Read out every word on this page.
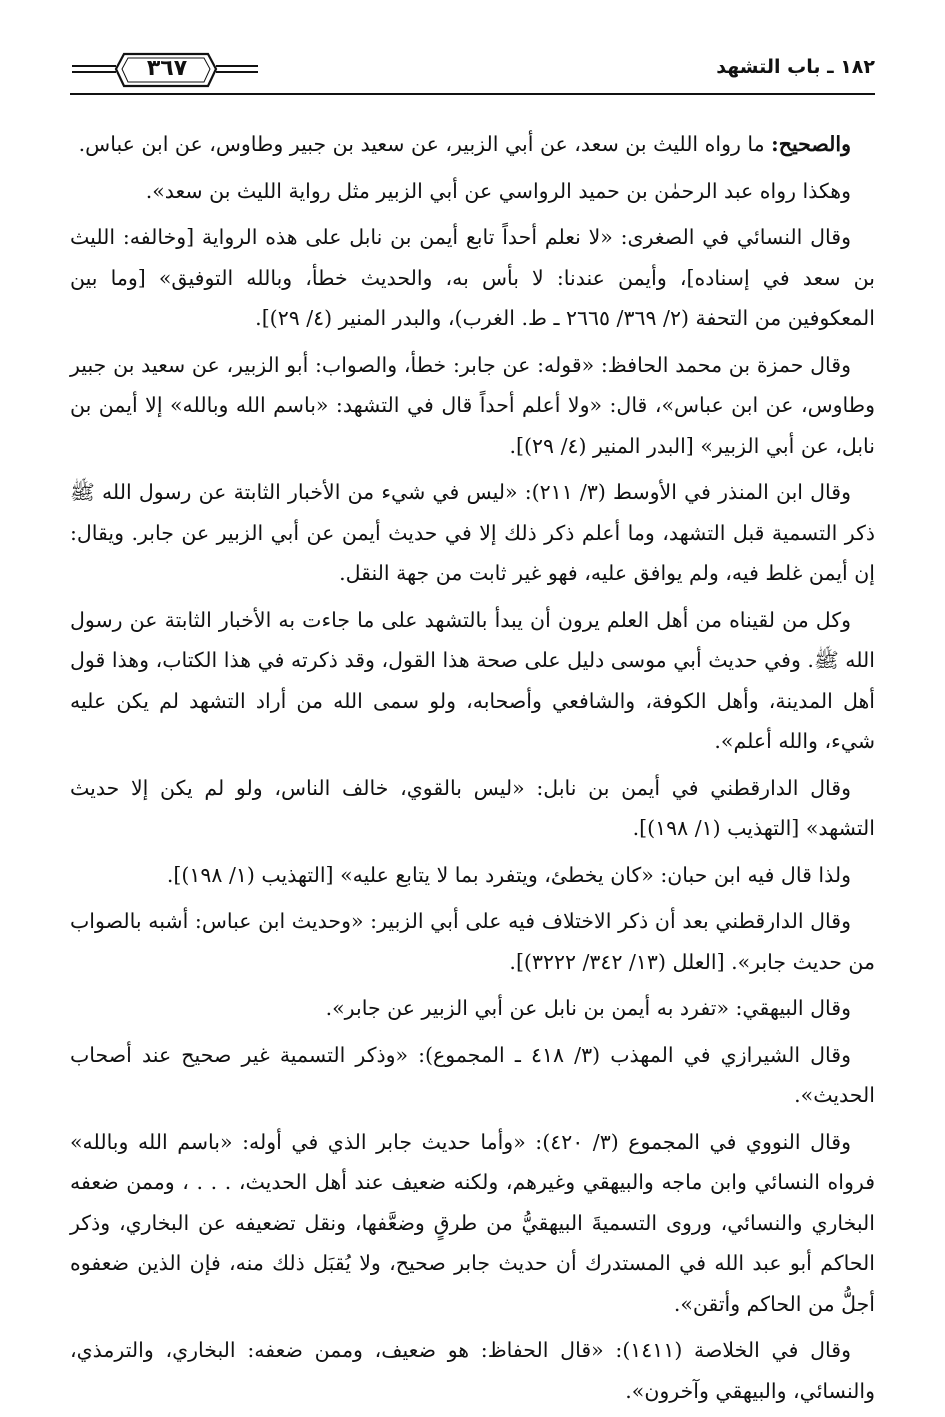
١٨٢ ـ باب التشهد
٣٦٧

والصحيح: ما رواه الليث بن سعد، عن أبي الزبير، عن سعيد بن جبير وطاوس، عن ابن عباس.

وهكذا رواه عبد الرحمٰن بن حميد الرواسي عن أبي الزبير مثل رواية الليث بن سعد».

وقال النسائي في الصغرى: «لا نعلم أحداً تابع أيمن بن نابل على هذه الرواية [وخالفه: الليث بن سعد في إسناده]، وأيمن عندنا: لا بأس به، والحديث خطأ، وبالله التوفيق» [وما بين المعكوفين من التحفة (٢/ ٣٦٩/ ٢٦٦٥ ـ ط. الغرب)، والبدر المنير (٤/ ٢٩)].

وقال حمزة بن محمد الحافظ: «قوله: عن جابر: خطأ، والصواب: أبو الزبير، عن سعيد بن جبير وطاوس، عن ابن عباس»، قال: «ولا أعلم أحداً قال في التشهد: «باسم الله وبالله» إلا أيمن بن نابل، عن أبي الزبير» [البدر المنير (٤/ ٢٩)].

وقال ابن المنذر في الأوسط (٣/ ٢١١): «ليس في شيء من الأخبار الثابتة عن رسول الله ﷺ ذكر التسمية قبل التشهد، وما أعلم ذكر ذلك إلا في حديث أيمن عن أبي الزبير عن جابر. ويقال: إن أيمن غلط فيه، ولم يوافق عليه، فهو غير ثابت من جهة النقل.

وكل من لقيناه من أهل العلم يرون أن يبدأ بالتشهد على ما جاءت به الأخبار الثابتة عن رسول الله ﷺ. وفي حديث أبي موسى دليل على صحة هذا القول، وقد ذكرته في هذا الكتاب، وهذا قول أهل المدينة، وأهل الكوفة، والشافعي وأصحابه، ولو سمى الله من أراد التشهد لم يكن عليه شيء، والله أعلم».

وقال الدارقطني في أيمن بن نابل: «ليس بالقوي، خالف الناس، ولو لم يكن إلا حديث التشهد» [التهذيب (١/ ١٩٨)].

ولذا قال فيه ابن حبان: «كان يخطئ، ويتفرد بما لا يتابع عليه» [التهذيب (١/ ١٩٨)].

وقال الدارقطني بعد أن ذكر الاختلاف فيه على أبي الزبير: «وحديث ابن عباس: أشبه بالصواب من حديث جابر». [العلل (١٣/ ٣٤٢/ ٣٢٢٢)].

وقال البيهقي: «تفرد به أيمن بن نابل عن أبي الزبير عن جابر».

وقال الشيرازي في المهذب (٣/ ٤١٨ ـ المجموع): «وذكر التسمية غير صحيح عند أصحاب الحديث».

وقال النووي في المجموع (٣/ ٤٢٠): «وأما حديث جابر الذي في أوله: «باسم الله وبالله» فرواه النسائي وابن ماجه والبيهقي وغيرهم، ولكنه ضعيف عند أهل الحديث، . . . ، وممن ضعفه البخاري والنسائي، وروى التسميةَ البيهقيُّ من طرقٍ وضعَّفها، ونقل تضعيفه عن البخاري، وذكر الحاكم أبو عبد الله في المستدرك أن حديث جابر صحيح، ولا يُقبَل ذلك منه، فإن الذين ضعفوه أجلُّ من الحاكم وأتقن».

وقال في الخلاصة (١٤١١): «قال الحفاظ: هو ضعيف، وممن ضعفه: البخاري، والترمذي، والنسائي، والبيهقي وآخرون».
